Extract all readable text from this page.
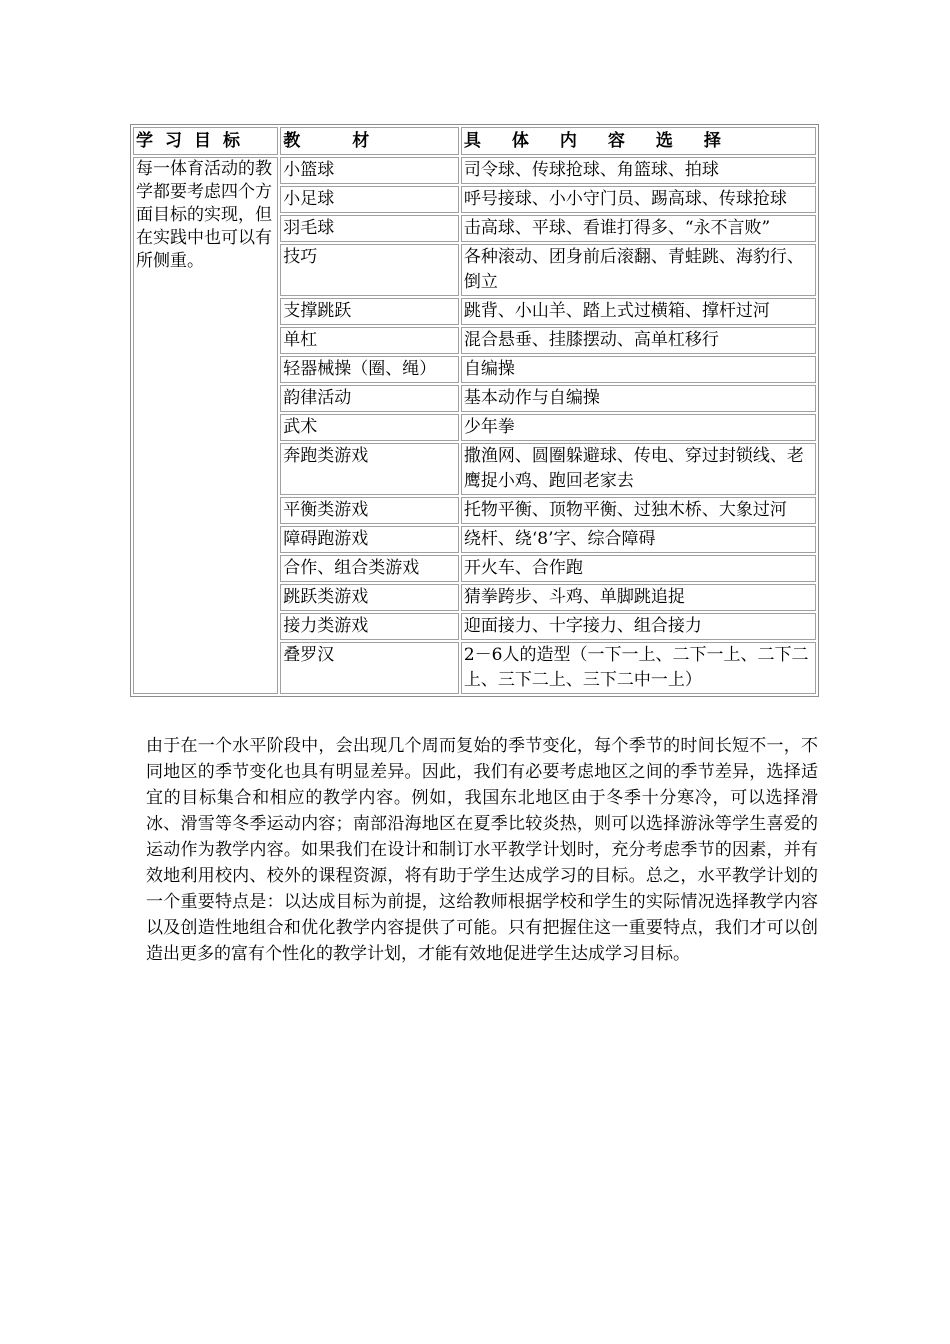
学习目标	教材	具体内容选择
每一体育活动的教学都要考虑四个方面目标的实现，但在实践中也可以有所侧重。	小篮球	司令球、传球抢球、角篮球、拍球
	小足球	呼号接球、小小守门员、踢高球、传球抢球
	羽毛球	击高球、平球、看谁打得多、“永不言败”
	技巧	各种滚动、团身前后滚翻、青蛙跳、海豹行、倒立
	支撑跳跃	跳背、小山羊、踏上式过横箱、撑杆过河
	单杠	混合悬垂、挂膝摆动、高单杠移行
	轻器械操（圈、绳）	自编操
	韵律活动	基本动作与自编操
	武术	少年拳
	奔跑类游戏	撒渔网、圆圈躲避球、传电、穿过封锁线、老鹰捉小鸡、跑回老家去
	平衡类游戏	托物平衡、顶物平衡、过独木桥、大象过河
	障碍跑游戏	绕杆、绕‘8’字、综合障碍
	合作、组合类游戏	开火车、合作跑
	跳跃类游戏	猜拳跨步、斗鸡、单脚跳追捉
	接力类游戏	迎面接力、十字接力、组合接力
	叠罗汉	2－6人的造型（一下一上、二下一上、二下二上、三下二上、三下二中一上）

由于在一个水平阶段中，会出现几个周而复始的季节变化，每个季节的时间长短不一，不同地区的季节变化也具有明显差异。因此，我们有必要考虑地区之间的季节差异，选择适宜的目标集合和相应的教学内容。例如，我国东北地区由于冬季十分寒冷，可以选择滑冰、滑雪等冬季运动内容；南部沿海地区在夏季比较炎热，则可以选择游泳等学生喜爱的运动作为教学内容。如果我们在设计和制订水平教学计划时，充分考虑季节的因素，并有效地利用校内、校外的课程资源，将有助于学生达成学习的目标。总之，水平教学计划的一个重要特点是：以达成目标为前提，这给教师根据学校和学生的实际情况选择教学内容以及创造性地组合和优化教学内容提供了可能。只有把握住这一重要特点，我们才可以创造出更多的富有个性化的教学计划，才能有效地促进学生达成学习目标。
